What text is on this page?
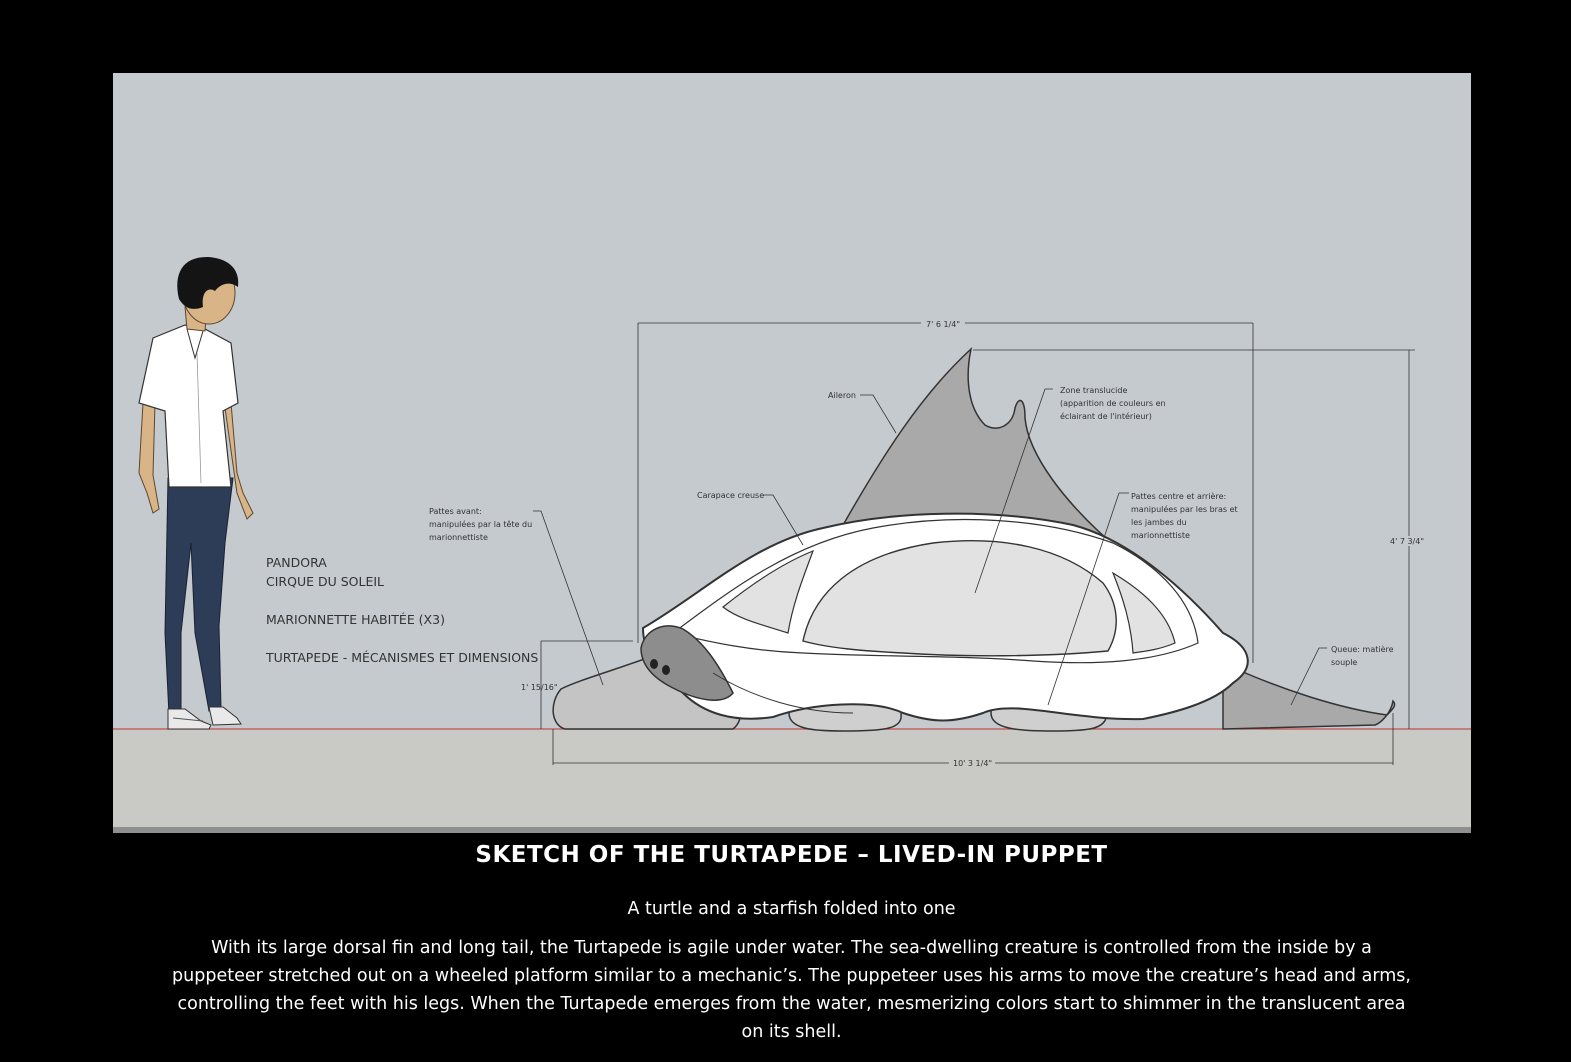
PANDORA
CIRQUE DU SOLEIL
MARIONNETTE HABITÉE (X3)
TURTAPEDE - MÉCANISMES ET DIMENSIONS
7' 6 1/4"
4' 7 3/4"
1' 15/16"
10' 3 1/4"
Aileron
Zone translucide
(apparition de couleurs en
éclairant de l'intérieur)
Carapace creuse	Pattes centre et arrière:
manipulées par les bras et
les jambes du
marionnettiste
Pattes avant:
manipulées par la tête du
marionnettiste
Queue: matière
souple
SKETCH OF THE TURTAPEDE – LIVED-IN PUPPET
A turtle and a starfish folded into one
With its large dorsal fin and long tail, the Turtapede is agile under water. The sea-dwelling creature is controlled from the inside by a puppeteer stretched out on a wheeled platform similar to a mechanic’s. The puppeteer uses his arms to move the creature’s head and arms, controlling the feet with his legs. When the Turtapede emerges from the water, mesmerizing colors start to shimmer in the translucent area on its shell.
